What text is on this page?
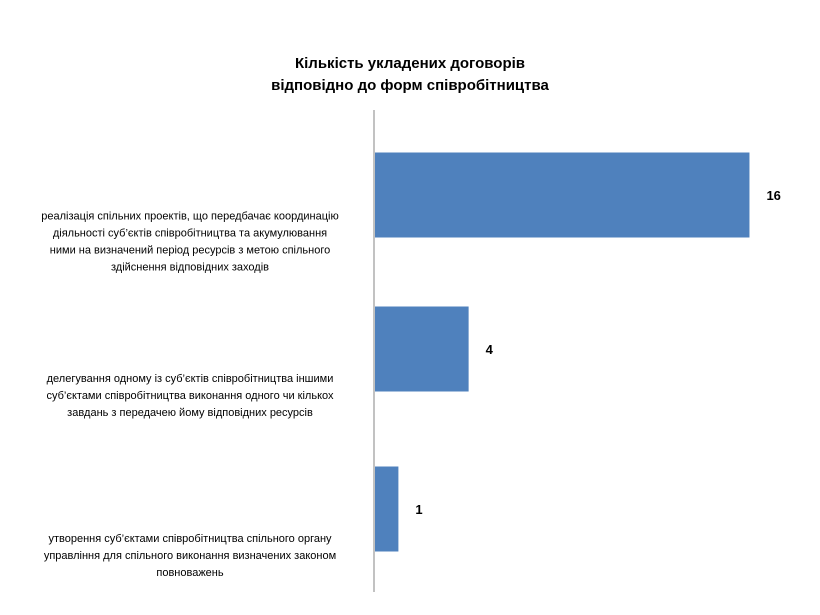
Кількість укладених договорів
відповідно до форм співробітництва
реалізація спільних проектів, що передбачає координацію
діяльності суб’єктів співробітництва та акумулювання
ними на визначений період ресурсів з метою спільного
здійснення відповідних заходів
делегування одному із суб’єктів співробітництва іншими
суб’єктами співробітництва виконання одного чи кількох
завдань з передачею йому відповідних ресурсів
утворення суб’єктами співробітництва спільного органу
управління для спільного виконання визначених законом
повноважень
16
4
1
